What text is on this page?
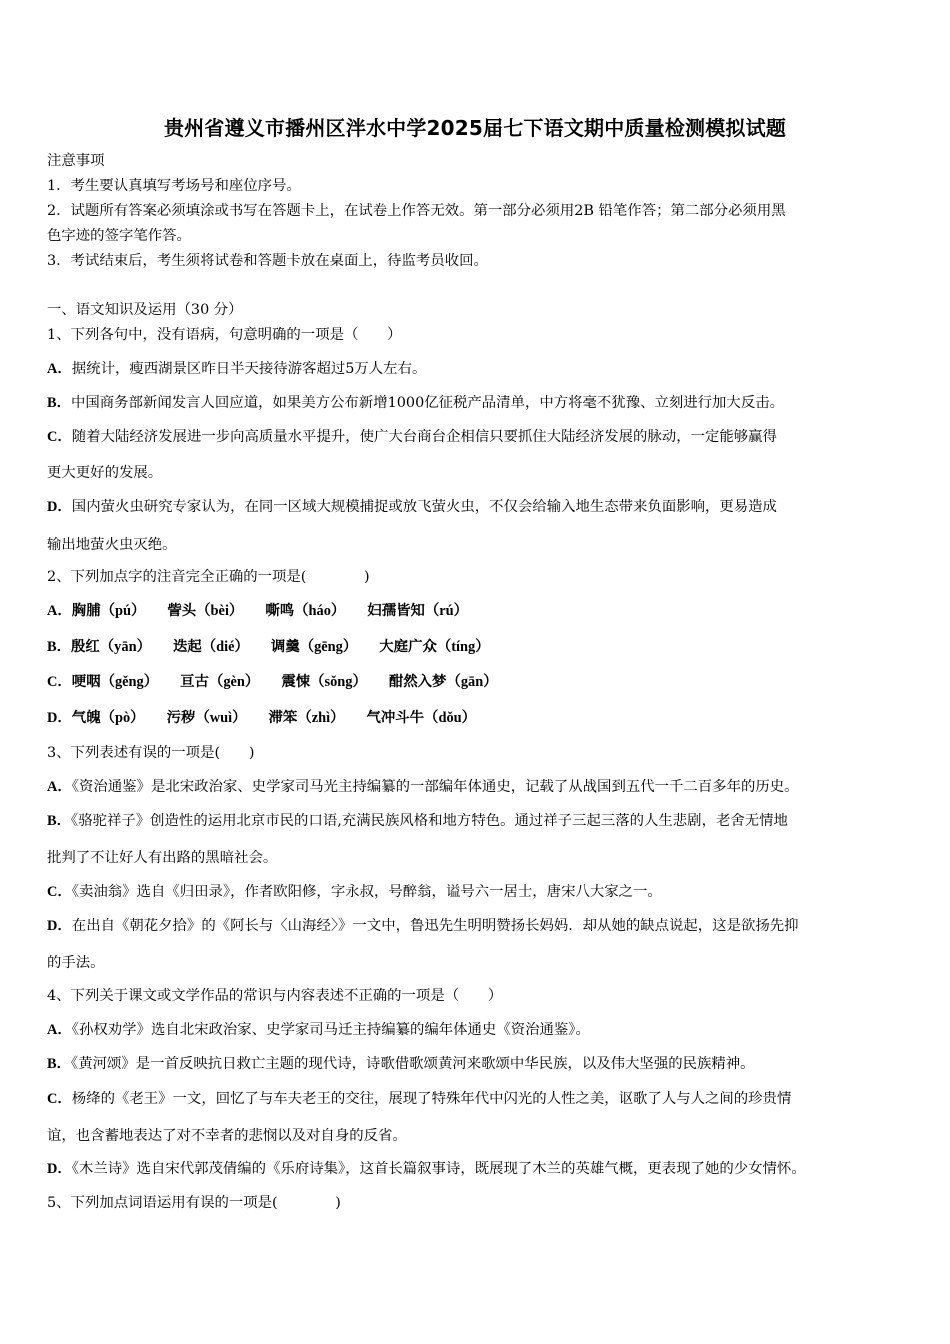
贵州省遵义市播州区泮水中学2025届七下语文期中质量检测模拟试题
注意事项
1．考生要认真填写考场号和座位序号。
2．试题所有答案必须填涂或书写在答题卡上，在试卷上作答无效。第一部分必须用2B 铅笔作答；第二部分必须用黑
色字迹的签字笔作答。
3．考试结束后，考生须将试卷和答题卡放在桌面上，待监考员收回。
一、语文知识及运用（30 分）
1、下列各句中，没有语病，句意明确的一项是（　　）
A．据统计，瘦西湖景区昨日半天接待游客超过5万人左右。
B．中国商务部新闻发言人回应道，如果美方公布新增1000亿征税产品清单，中方将毫不犹豫、立刻进行加大反击。
C．随着大陆经济发展进一步向高质量水平提升，使广大台商台企相信只要抓住大陆经济发展的脉动，一定能够赢得
更大更好的发展。
D．国内萤火虫研究专家认为，在同一区域大规模捕捉或放飞萤火虫，不仅会给输入地生态带来负面影响，更易造成
输出地萤火虫灭绝。
2、下列加点字的注音完全正确的一项是(　　　　)
A．胸脯（pú） 訾头（bèi） 嘶鸣（háo） 妇孺皆知（rú）
B．殷红（yān） 迭起（dié） 调羹（gēng） 大庭广众（tíng）
C．哽咽（gěng） 亘古（gèn） 震悚（sǒng） 酣然入梦（gān）
D．气魄（pò） 污秽（wuì） 滞笨（zhì） 气冲斗牛（dǒu）
3、下列表述有误的一项是(　　)
A．《资治通鉴》是北宋政治家、史学家司马光主持编纂的一部编年体通史，记载了从战国到五代一千二百多年的历史。
B．《骆驼祥子》创造性的运用北京市民的口语,充满民族风格和地方特色。通过祥子三起三落的人生悲剧，老舍无情地
批判了不让好人有出路的黑暗社会。
C．《卖油翁》选自《归田录》，作者欧阳修，字永叔，号醉翁，谥号六一居士，唐宋八大家之一。
D．在出自《朝花夕拾》的《阿长与〈山海经〉》一文中，鲁迅先生明明赞扬长妈妈．却从她的缺点说起，这是欲扬先抑
的手法。
4、下列关于课文或文学作品的常识与内容表述不正确的一项是（　　）
A．《孙权劝学》选自北宋政治家、史学家司马迁主持编纂的编年体通史《资治通鉴》。
B．《黄河颂》是一首反映抗日救亡主题的现代诗，诗歌借歌颂黄河来歌颂中华民族，以及伟大坚强的民族精神。
C．杨绛的《老王》一文，回忆了与车夫老王的交往，展现了特殊年代中闪光的人性之美，讴歌了人与人之间的珍贵情
谊，也含蓄地表达了对不幸者的悲悯以及对自身的反省。
D．《木兰诗》选自宋代郭茂倩编的《乐府诗集》，这首长篇叙事诗，既展现了木兰的英雄气概，更表现了她的少女情怀。
5、下列加点词语运用有误的一项是(　　　　)
